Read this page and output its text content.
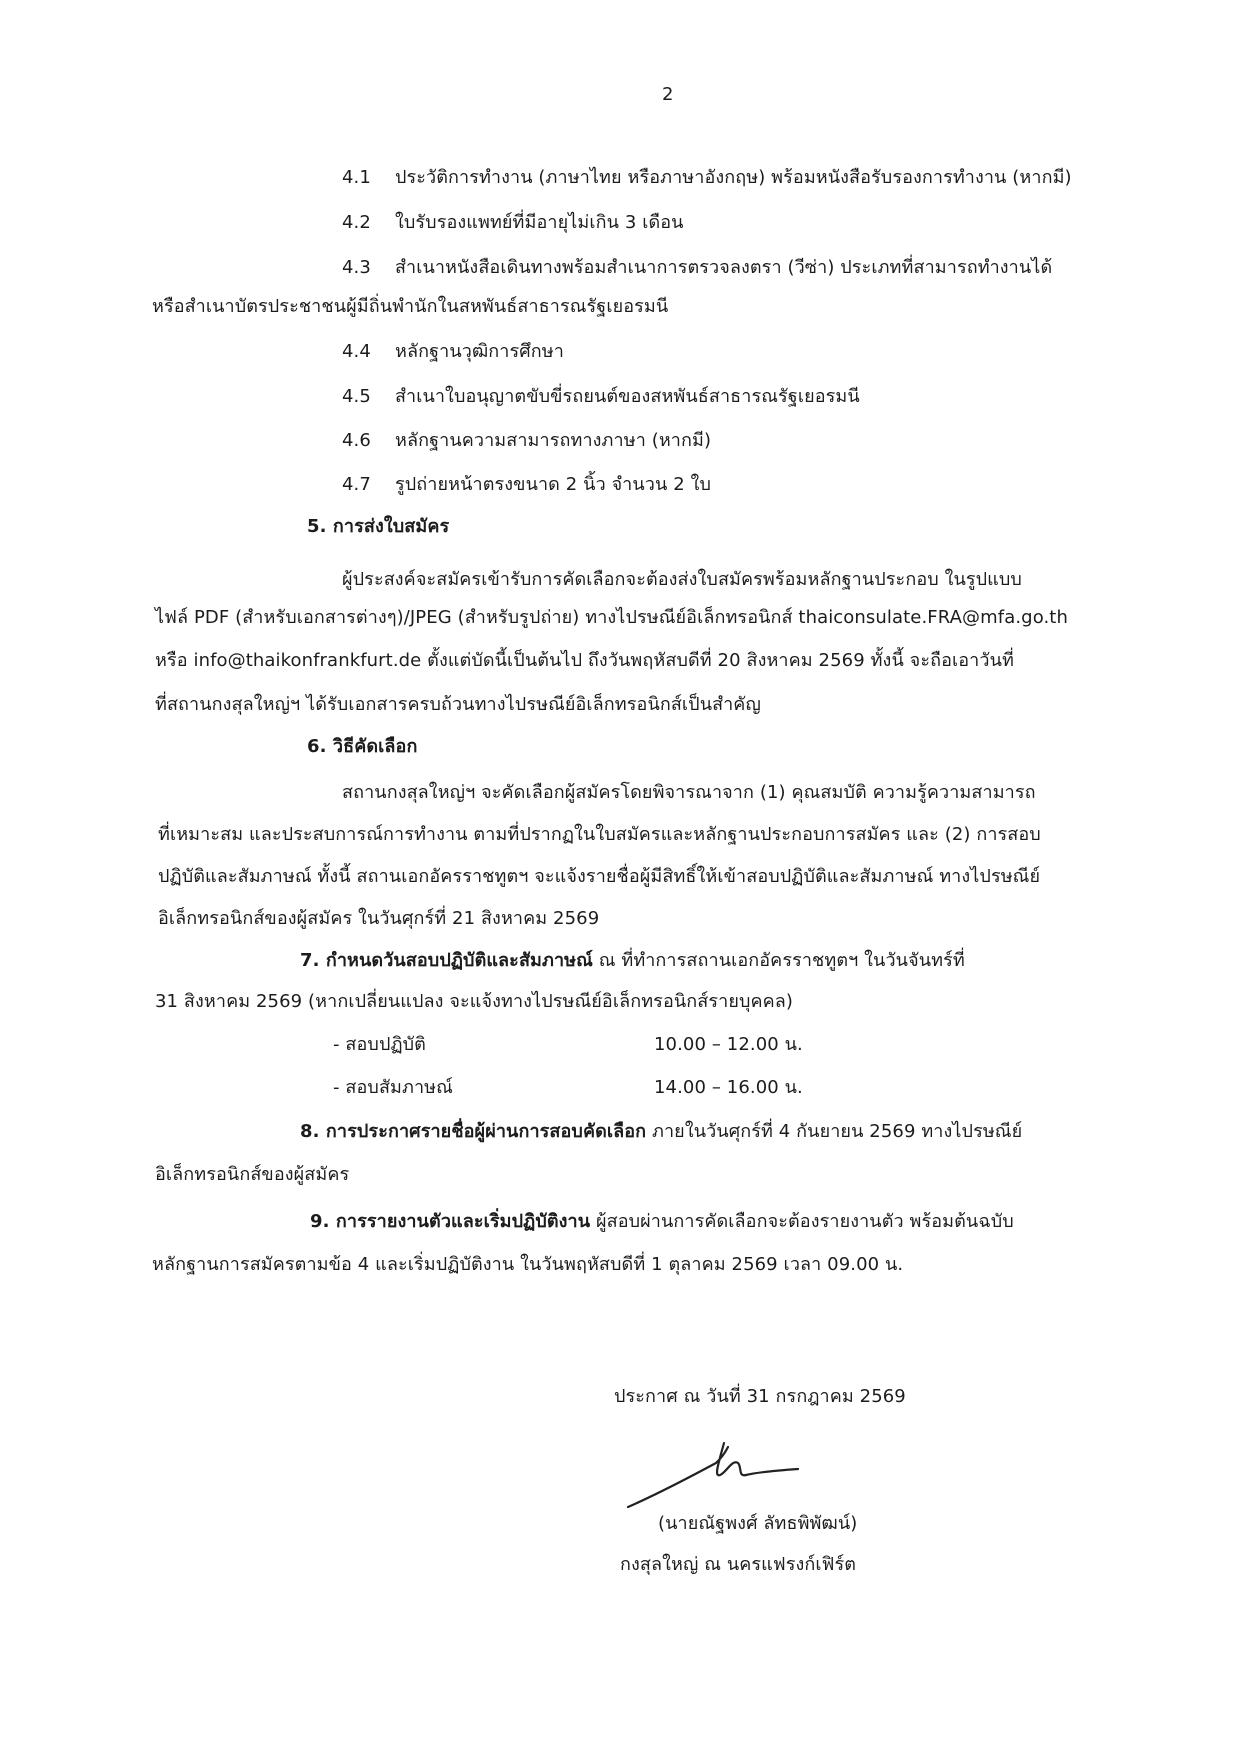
2

4.1 ประวัติการทำงาน (ภาษาไทย หรือภาษาอังกฤษ) พร้อมหนังสือรับรองการทำงาน (หากมี)

4.2 ใบรับรองแพทย์ที่มีอายุไม่เกิน 3 เดือน

4.3 สำเนาหนังสือเดินทางพร้อมสำเนาการตรวจลงตรา (วีซ่า) ประเภทที่สามารถทำงานได้

หรือสำเนาบัตรประชาชนผู้มีถิ่นพำนักในสหพันธ์สาธารณรัฐเยอรมนี

4.4 หลักฐานวุฒิการศึกษา

4.5 สำเนาใบอนุญาตขับขี่รถยนต์ของสหพันธ์สาธารณรัฐเยอรมนี

4.6 หลักฐานความสามารถทางภาษา (หากมี)

4.7 รูปถ่ายหน้าตรงขนาด 2 นิ้ว จำนวน 2 ใบ

5. การส่งใบสมัคร

ผู้ประสงค์จะสมัครเข้ารับการคัดเลือกจะต้องส่งใบสมัครพร้อมหลักฐานประกอบ ในรูปแบบ

ไฟล์ PDF (สำหรับเอกสารต่างๆ)/JPEG (สำหรับรูปถ่าย) ทางไปรษณีย์อิเล็กทรอนิกส์ thaiconsulate.FRA@mfa.go.th

หรือ info@thaikonfrankfurt.de ตั้งแต่บัดนี้เป็นต้นไป ถึงวันพฤหัสบดีที่ 20 สิงหาคม 2569 ทั้งนี้ จะถือเอาวันที่

ที่สถานกงสุลใหญ่ฯ ได้รับเอกสารครบถ้วนทางไปรษณีย์อิเล็กทรอนิกส์เป็นสำคัญ

6. วิธีคัดเลือก

สถานกงสุลใหญ่ฯ จะคัดเลือกผู้สมัครโดยพิจารณาจาก (1) คุณสมบัติ ความรู้ความสามารถ

ที่เหมาะสม และประสบการณ์การทำงาน ตามที่ปรากฏในใบสมัครและหลักฐานประกอบการสมัคร และ (2) การสอบ

ปฏิบัติและสัมภาษณ์ ทั้งนี้ สถานเอกอัครราชทูตฯ จะแจ้งรายชื่อผู้มีสิทธิ์ให้เข้าสอบปฏิบัติและสัมภาษณ์ ทางไปรษณีย์

อิเล็กทรอนิกส์ของผู้สมัคร ในวันศุกร์ที่ 21 สิงหาคม 2569

7. กำหนดวันสอบปฏิบัติและสัมภาษณ์ ณ ที่ทำการสถานเอกอัครราชทูตฯ ในวันจันทร์ที่

31 สิงหาคม 2569 (หากเปลี่ยนแปลง จะแจ้งทางไปรษณีย์อิเล็กทรอนิกส์รายบุคคล)

- สอบปฏิบัติ	10.00 – 12.00 น.

- สอบสัมภาษณ์	14.00 – 16.00 น.

8. การประกาศรายชื่อผู้ผ่านการสอบคัดเลือก ภายในวันศุกร์ที่ 4 กันยายน 2569 ทางไปรษณีย์

อิเล็กทรอนิกส์ของผู้สมัคร

9. การรายงานตัวและเริ่มปฏิบัติงาน ผู้สอบผ่านการคัดเลือกจะต้องรายงานตัว พร้อมต้นฉบับ

หลักฐานการสมัครตามข้อ 4 และเริ่มปฏิบัติงาน ในวันพฤหัสบดีที่ 1 ตุลาคม 2569 เวลา 09.00 น.

ประกาศ ณ วันที่ 31 กรกฎาคม 2569

(นายณัฐพงศ์ ลัทธพิพัฒน์)

กงสุลใหญ่ ณ นครแฟรงก์เฟิร์ต
